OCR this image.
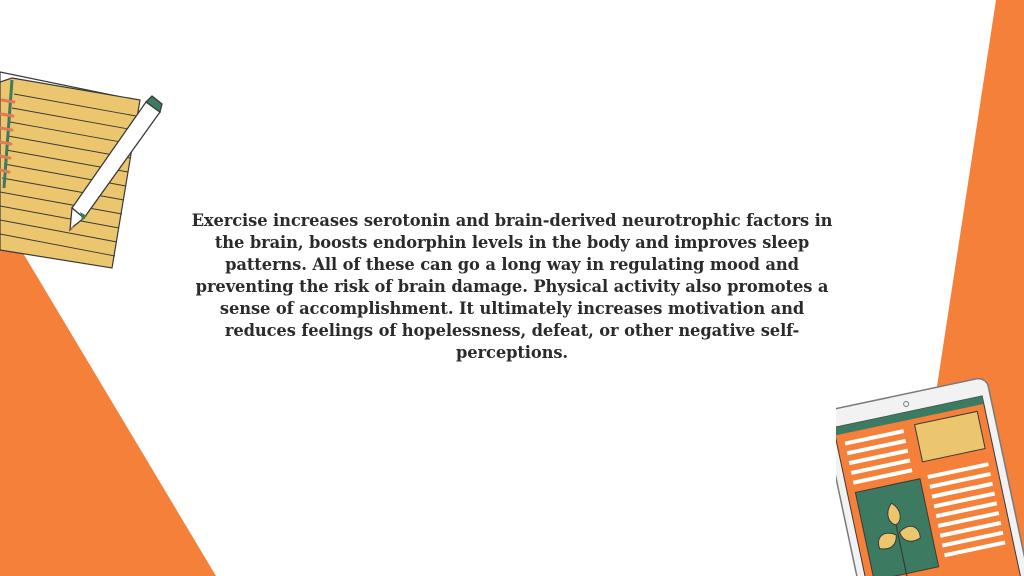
Exercise increases serotonin and brain-derived neurotrophic factors in the brain, boosts endorphin levels in the body and improves sleep patterns. All of these can go a long way in regulating mood and preventing the risk of brain damage. Physical activity also promotes a sense of accomplishment. It ultimately increases motivation and reduces feelings of hopelessness, defeat, or other negative self-perceptions.
